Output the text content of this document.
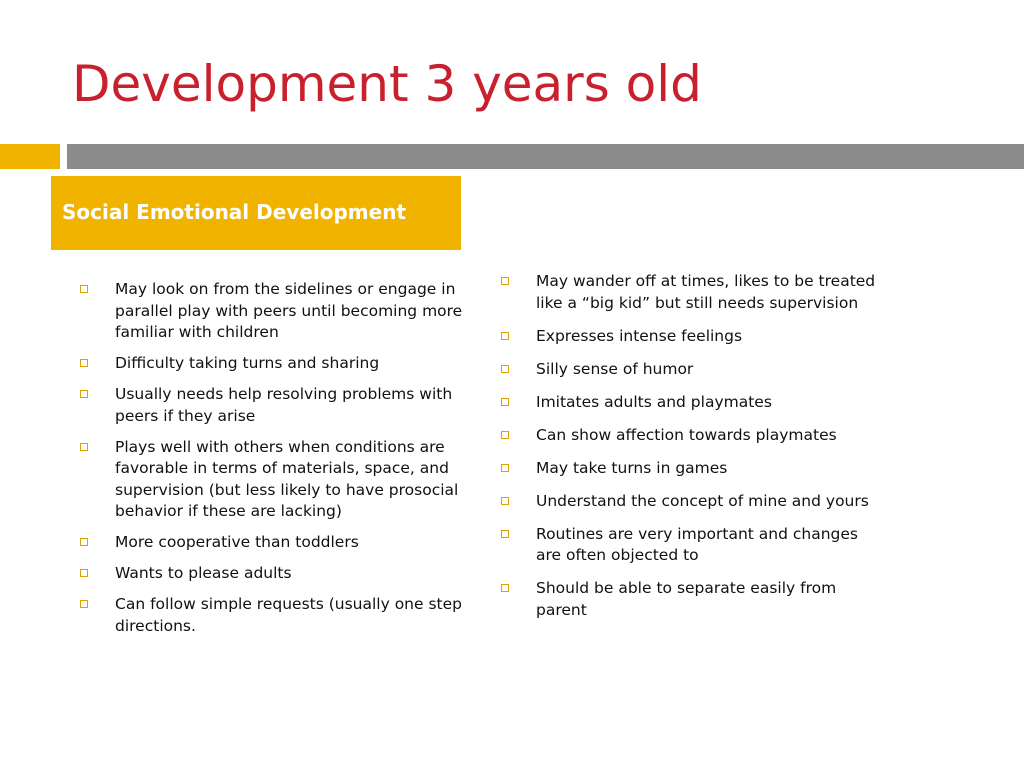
Development 3 years old
Social Emotional Development
May look on from the sidelines or engage in parallel play with peers until becoming more familiar with children
Difficulty taking turns and sharing
Usually needs help resolving problems with peers if they arise
Plays well with others when conditions are favorable in terms of materials, space, and supervision (but less likely to have prosocial behavior if these are lacking)
More cooperative than toddlers
Wants to please adults
Can follow simple requests (usually one step directions.
May wander off at times, likes to be treated like a “big kid” but still needs supervision
Expresses intense feelings
Silly sense of humor
Imitates adults and playmates
Can show affection towards playmates
May take turns in games
Understand the concept of mine and yours
Routines are very important and changes are often objected to
Should be able to separate easily from parent
